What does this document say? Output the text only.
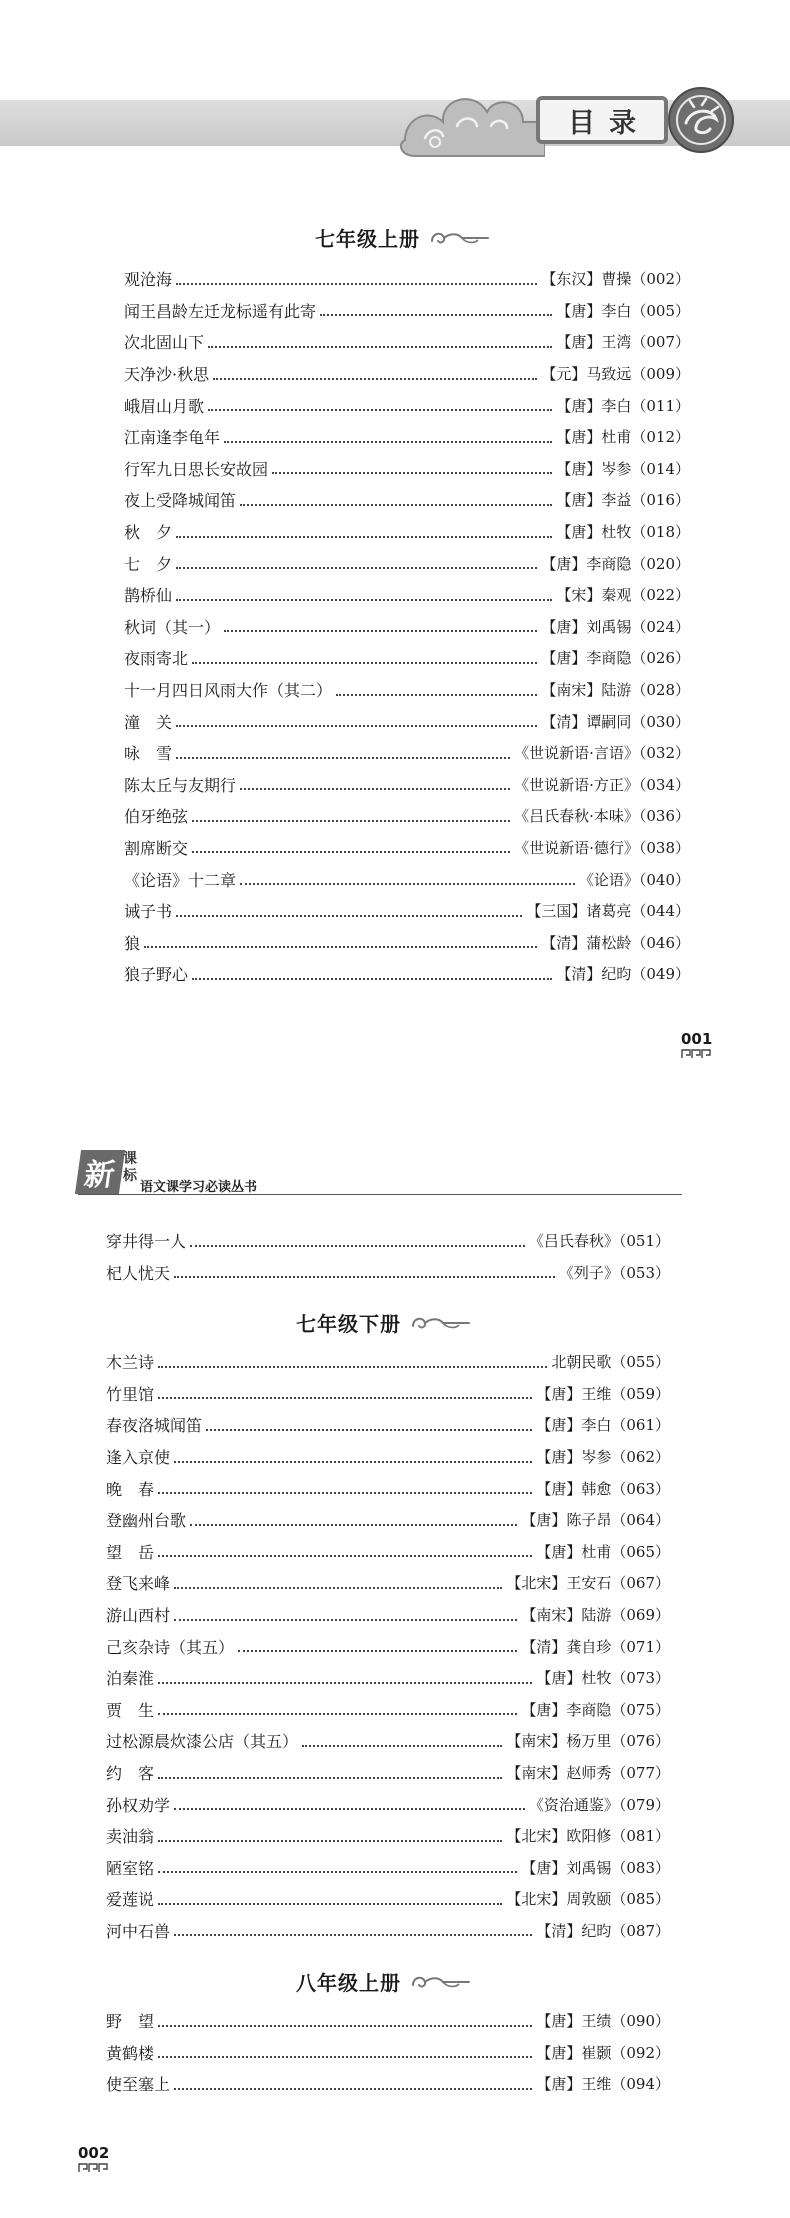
目录
七年级上册
观沧海	【东汉】曹操（002）
闻王昌龄左迁龙标遥有此寄	【唐】李白（005）
次北固山下	【唐】王湾（007）
天净沙·秋思	【元】马致远（009）
峨眉山月歌	【唐】李白（011）
江南逢李龟年	【唐】杜甫（012）
行军九日思长安故园	【唐】岑参（014）
夜上受降城闻笛	【唐】李益（016）
秋　夕	【唐】杜牧（018）
七　夕	【唐】李商隐（020）
鹊桥仙	【宋】秦观（022）
秋词（其一）	【唐】刘禹锡（024）
夜雨寄北	【唐】李商隐（026）
十一月四日风雨大作（其二）	【南宋】陆游（028）
潼　关	【清】谭嗣同（030）
咏　雪	《世说新语·言语》（032）
陈太丘与友期行	《世说新语·方正》（034）
伯牙绝弦	《吕氏春秋·本味》（036）
割席断交	《世说新语·德行》（038）
《论语》十二章	《论语》（040）
诫子书	【三国】诸葛亮（044）
狼	【清】蒲松龄（046）
狼子野心	【清】纪昀（049）
001
新 课标
语文课学习必读丛书
穿井得一人	《吕氏春秋》（051）
杞人忧天	《列子》（053）
七年级下册
木兰诗	北朝民歌（055）
竹里馆	【唐】王维（059）
春夜洛城闻笛	【唐】李白（061）
逢入京使	【唐】岑参（062）
晚　春	【唐】韩愈（063）
登幽州台歌	【唐】陈子昂（064）
望　岳	【唐】杜甫（065）
登飞来峰	【北宋】王安石（067）
游山西村	【南宋】陆游（069）
己亥杂诗（其五）	【清】龚自珍（071）
泊秦淮	【唐】杜牧（073）
贾　生	【唐】李商隐（075）
过松源晨炊漆公店（其五）	【南宋】杨万里（076）
约　客	【南宋】赵师秀（077）
孙权劝学	《资治通鉴》（079）
卖油翁	【北宋】欧阳修（081）
陋室铭	【唐】刘禹锡（083）
爱莲说	【北宋】周敦颐（085）
河中石兽	【清】纪昀（087）
八年级上册
野　望	【唐】王绩（090）
黄鹤楼	【唐】崔颢（092）
使至塞上	【唐】王维（094）
002
